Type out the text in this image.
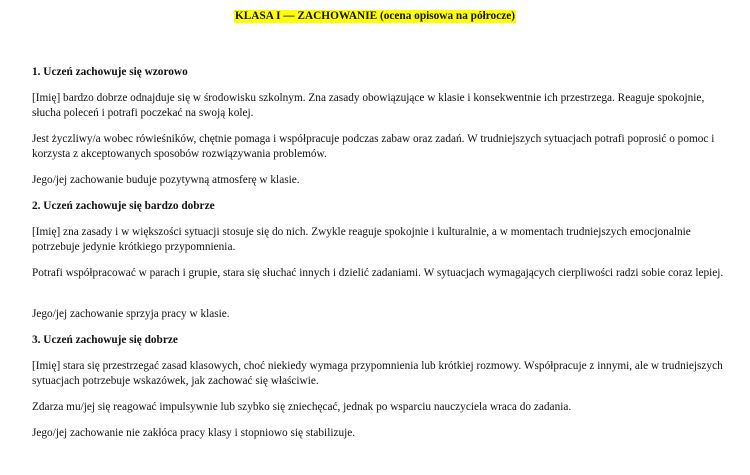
KLASA I — ZACHOWANIE (ocena opisowa na półrocze)
1. Uczeń zachowuje się wzorowo
[Imię] bardzo dobrze odnajduje się w środowisku szkolnym. Zna zasady obowiązujące w klasie i konsekwentnie ich przestrzega. Reaguje spokojnie, słucha poleceń i potrafi poczekać na swoją kolej.
Jest życzliwy/a wobec rówieśników, chętnie pomaga i współpracuje podczas zabaw oraz zadań. W trudniejszych sytuacjach potrafi poprosić o pomoc i korzysta z akceptowanych sposobów rozwiązywania problemów.
Jego/jej zachowanie buduje pozytywną atmosferę w klasie.
2. Uczeń zachowuje się bardzo dobrze
[Imię] zna zasady i w większości sytuacji stosuje się do nich. Zwykle reaguje spokojnie i kulturalnie, a w momentach trudniejszych emocjonalnie potrzebuje jedynie krótkiego przypomnienia.
Potrafi współpracować w parach i grupie, stara się słuchać innych i dzielić zadaniami. W sytuacjach wymagających cierpliwości radzi sobie coraz lepiej.
Jego/jej zachowanie sprzyja pracy w klasie.
3. Uczeń zachowuje się dobrze
[Imię] stara się przestrzegać zasad klasowych, choć niekiedy wymaga przypomnienia lub krótkiej rozmowy. Współpracuje z innymi, ale w trudniejszych sytuacjach potrzebuje wskazówek, jak zachować się właściwie.
Zdarza mu/jej się reagować impulsywnie lub szybko się zniechęcać, jednak po wsparciu nauczyciela wraca do zadania.
Jego/jej zachowanie nie zakłóca pracy klasy i stopniowo się stabilizuje.
